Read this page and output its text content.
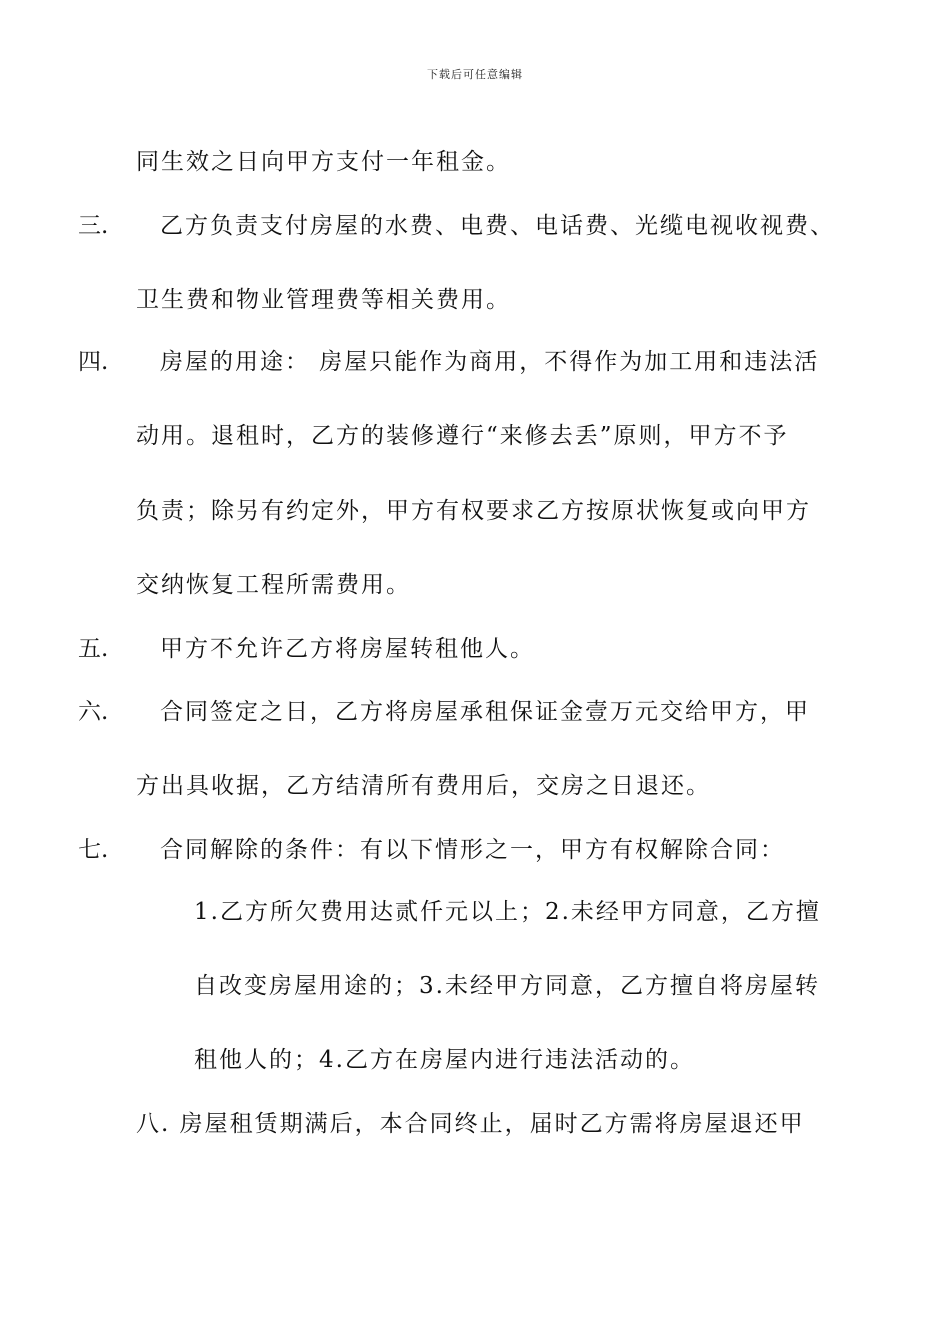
下载后可任意编辑
同生效之日向甲方支付一年租金。
三. 乙方负责支付房屋的水费、电费、电话费、光缆电视收视费、
卫生费和物业管理费等相关费用。
四. 房屋的用途： 房屋只能作为商用，不得作为加工用和违法活
动用。退租时，乙方的装修遵行“来修去丢”原则，甲方不予
负责；除另有约定外，甲方有权要求乙方按原状恢复或向甲方
交纳恢复工程所需费用。
五. 甲方不允许乙方将房屋转租他人。
六. 合同签定之日，乙方将房屋承租保证金壹万元交给甲方，甲
方出具收据，乙方结清所有费用后，交房之日退还。
七. 合同解除的条件：有以下情形之一，甲方有权解除合同：
1.乙方所欠费用达贰仟元以上；2.未经甲方同意，乙方擅
自改变房屋用途的；3.未经甲方同意，乙方擅自将房屋转
租他人的；4.乙方在房屋内进行违法活动的。
八. 房屋租赁期满后，本合同终止，届时乙方需将房屋退还甲
